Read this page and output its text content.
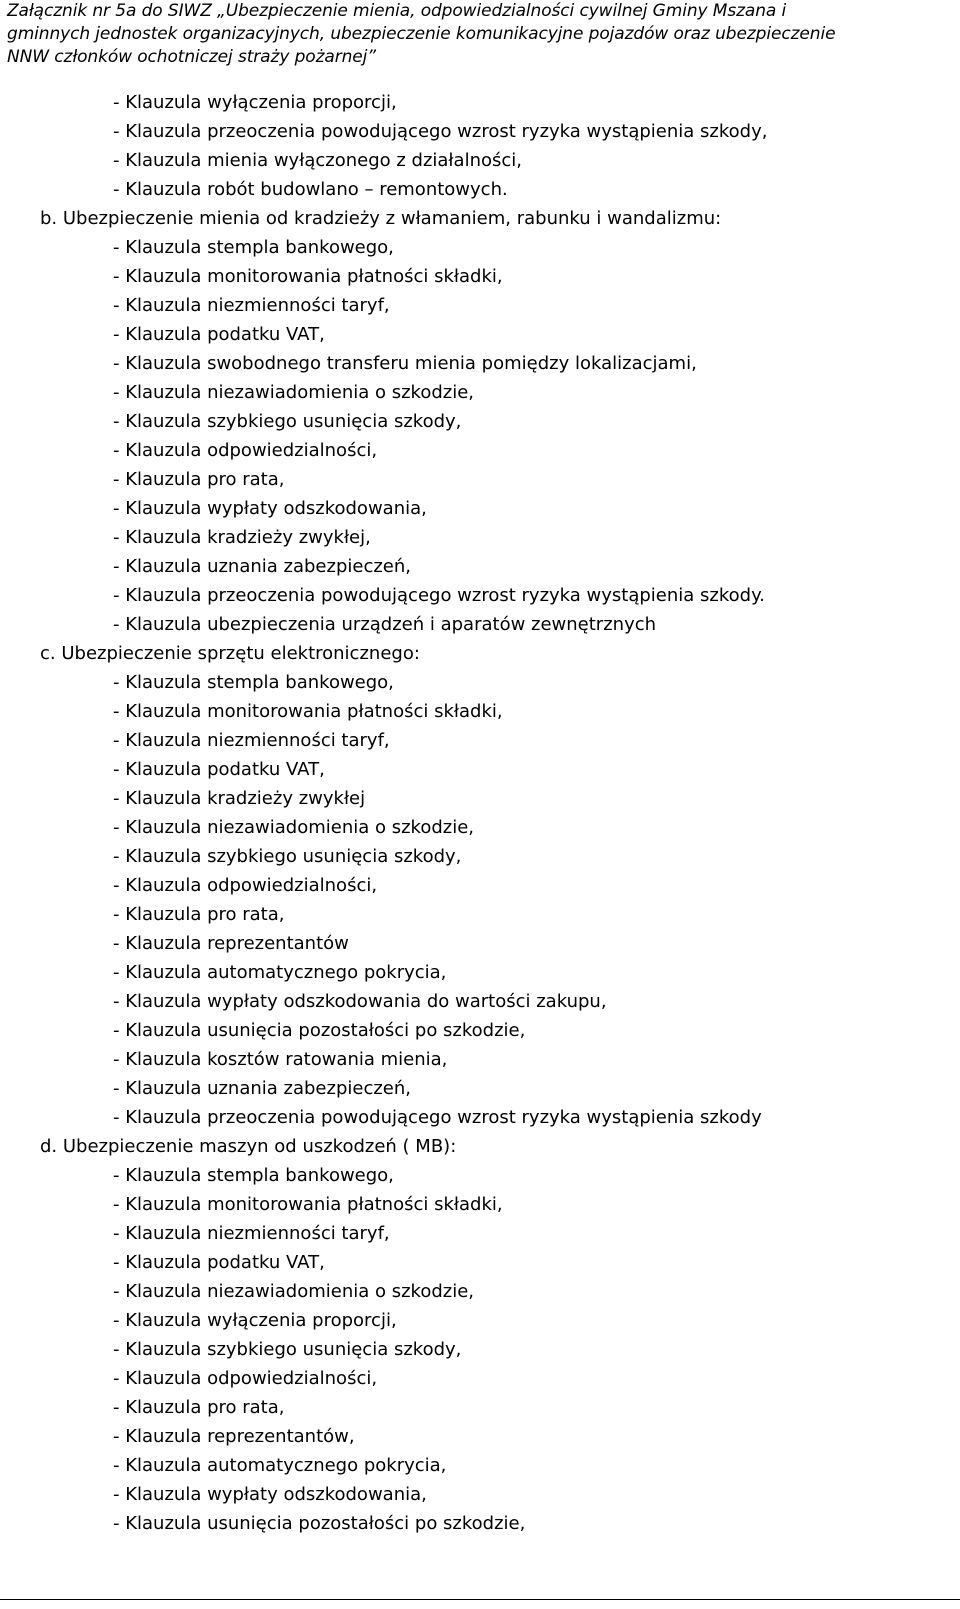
Załącznik nr 5a do SIWZ „Ubezpieczenie mienia, odpowiedzialności cywilnej Gminy Mszana i
gminnych jednostek organizacyjnych, ubezpieczenie komunikacyjne pojazdów oraz ubezpieczenie
NNW członków ochotniczej straży pożarnej”
- Klauzula wyłączenia proporcji,
- Klauzula przeoczenia powodującego wzrost ryzyka wystąpienia szkody,
- Klauzula mienia wyłączonego z działalności,
- Klauzula robót budowlano – remontowych.
b. Ubezpieczenie mienia od kradzieży z włamaniem, rabunku i wandalizmu:
- Klauzula stempla bankowego,
- Klauzula monitorowania płatności składki,
- Klauzula niezmienności taryf,
- Klauzula podatku VAT,
- Klauzula swobodnego transferu mienia pomiędzy lokalizacjami,
- Klauzula niezawiadomienia o szkodzie,
- Klauzula szybkiego usunięcia szkody,
- Klauzula odpowiedzialności,
- Klauzula pro rata,
- Klauzula wypłaty odszkodowania,
- Klauzula kradzieży zwykłej,
- Klauzula uznania zabezpieczeń,
- Klauzula przeoczenia powodującego wzrost ryzyka wystąpienia szkody.
- Klauzula ubezpieczenia urządzeń i aparatów zewnętrznych
c. Ubezpieczenie sprzętu elektronicznego:
- Klauzula stempla bankowego,
- Klauzula monitorowania płatności składki,
- Klauzula niezmienności taryf,
- Klauzula podatku VAT,
- Klauzula kradzieży zwykłej
- Klauzula niezawiadomienia o szkodzie,
- Klauzula szybkiego usunięcia szkody,
- Klauzula odpowiedzialności,
- Klauzula pro rata,
- Klauzula reprezentantów
- Klauzula automatycznego pokrycia,
- Klauzula wypłaty odszkodowania do wartości zakupu,
- Klauzula usunięcia pozostałości po szkodzie,
- Klauzula kosztów ratowania mienia,
- Klauzula uznania zabezpieczeń,
- Klauzula przeoczenia powodującego wzrost ryzyka wystąpienia szkody
d. Ubezpieczenie maszyn od uszkodzeń ( MB):
- Klauzula stempla bankowego,
- Klauzula monitorowania płatności składki,
- Klauzula niezmienności taryf,
- Klauzula podatku VAT,
- Klauzula niezawiadomienia o szkodzie,
- Klauzula wyłączenia proporcji,
- Klauzula szybkiego usunięcia szkody,
- Klauzula odpowiedzialności,
- Klauzula pro rata,
- Klauzula reprezentantów,
- Klauzula automatycznego pokrycia,
- Klauzula wypłaty odszkodowania,
- Klauzula usunięcia pozostałości po szkodzie,
